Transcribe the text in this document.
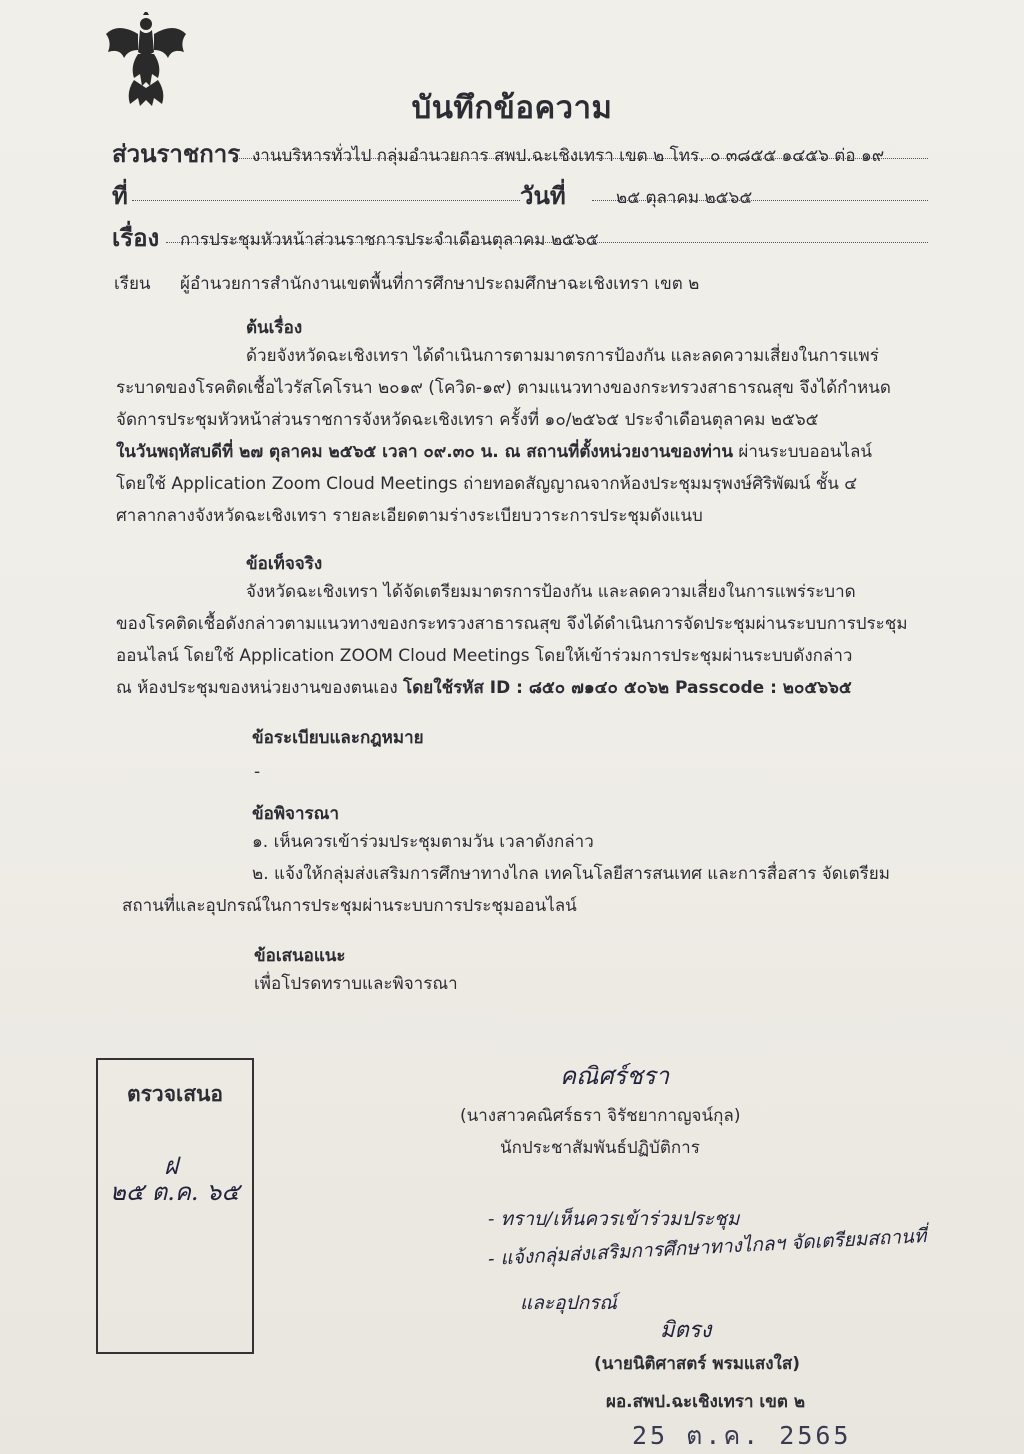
บันทึกข้อความ
ส่วนราชการ งานบริหารทั่วไป กลุ่มอำนวยการ สพป.ฉะเชิงเทรา เขต ๒ โทร. ๐ ๓๘๕๕ ๑๔๕๖ ต่อ ๑๙
ที่	วันที่	๒๕ ตุลาคม ๒๕๖๕
เรื่อง การประชุมหัวหน้าส่วนราชการประจำเดือนตุลาคม ๒๕๖๕
เรียน ผู้อำนวยการสำนักงานเขตพื้นที่การศึกษาประถมศึกษาฉะเชิงเทรา เขต ๒
ต้นเรื่อง
ด้วยจังหวัดฉะเชิงเทรา ได้ดำเนินการตามมาตรการป้องกัน และลดความเสี่ยงในการแพร่
ระบาดของโรคติดเชื้อไวรัสโคโรนา ๒๐๑๙ (โควิด-๑๙) ตามแนวทางของกระทรวงสาธารณสุข จึงได้กำหนด
จัดการประชุมหัวหน้าส่วนราชการจังหวัดฉะเชิงเทรา ครั้งที่ ๑๐/๒๕๖๕ ประจำเดือนตุลาคม ๒๕๖๕
ในวันพฤหัสบดีที่ ๒๗ ตุลาคม ๒๕๖๕ เวลา ๐๙.๓๐ น. ณ สถานที่ตั้งหน่วยงานของท่าน ผ่านระบบออนไลน์
โดยใช้ Application Zoom Cloud Meetings ถ่ายทอดสัญญาณจากห้องประชุมมรุพงษ์ศิริพัฒน์ ชั้น ๔
ศาลากลางจังหวัดฉะเชิงเทรา รายละเอียดตามร่างระเบียบวาระการประชุมดังแนบ
ข้อเท็จจริง
จังหวัดฉะเชิงเทรา ได้จัดเตรียมมาตรการป้องกัน และลดความเสี่ยงในการแพร่ระบาด
ของโรคติดเชื้อดังกล่าวตามแนวทางของกระทรวงสาธารณสุข จึงได้ดำเนินการจัดประชุมผ่านระบบการประชุม
ออนไลน์ โดยใช้ Application ZOOM Cloud Meetings โดยให้เข้าร่วมการประชุมผ่านระบบดังกล่าว
ณ ห้องประชุมของหน่วยงานของตนเอง โดยใช้รหัส ID : ๘๕๐ ๗๑๔๐ ๕๐๖๒ Passcode : ๒๐๕๖๖๕
ข้อระเบียบและกฎหมาย
-
ข้อพิจารณา
๑. เห็นควรเข้าร่วมประชุมตามวัน เวลาดังกล่าว
๒. แจ้งให้กลุ่มส่งเสริมการศึกษาทางไกล เทคโนโลยีสารสนเทศ และการสื่อสาร จัดเตรียม
สถานที่และอุปกรณ์ในการประชุมผ่านระบบการประชุมออนไลน์
ข้อเสนอแนะ
เพื่อโปรดทราบและพิจารณา
ตรวจเสนอ
ฝ
๒๕ ต.ค. ๖๕
คณิศร์ชรา
(นางสาวคณิศร์ธรา จิรัชยากาญจน์กุล)
นักประชาสัมพันธ์ปฏิบัติการ
- ทราบ/เห็นควรเข้าร่วมประชุม
- แจ้งกลุ่มส่งเสริมการศึกษาทางไกลฯ จัดเตรียมสถานที่
และอุปกรณ์
มิตรง
(นายนิติศาสตร์ พรมแสงใส)
ผอ.สพป.ฉะเชิงเทรา เขต ๒
25 ต.ค. 2565
